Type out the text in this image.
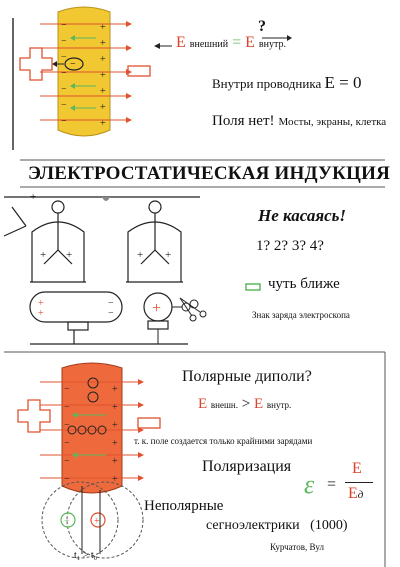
−
−
−
−
−
−
−
+
+
+
+
+
+
+
−
+
+ +	+ +
+
+
−
− +
−
−
−
−
−
−
+
+
+
+
+
+
− +
E внешний = E внутр.
?
Внутри проводника E = 0
Поля нет! Мосты, экраны, клетка
ЭЛЕКТРОСТАТИЧЕСКАЯ ИНДУКЦИЯ
Не касаясь!
1? 2? 3? 4?
чуть ближе
Знак заряда электроскопа
Полярные диполи?
E внешн. > E внутр.
т. к. поле создается только крайними зарядами
Поляризация
ε =
E
Eд
Неполярные
сегноэлектрики (1000)
Курчатов, Вул
t₁ > t₀
